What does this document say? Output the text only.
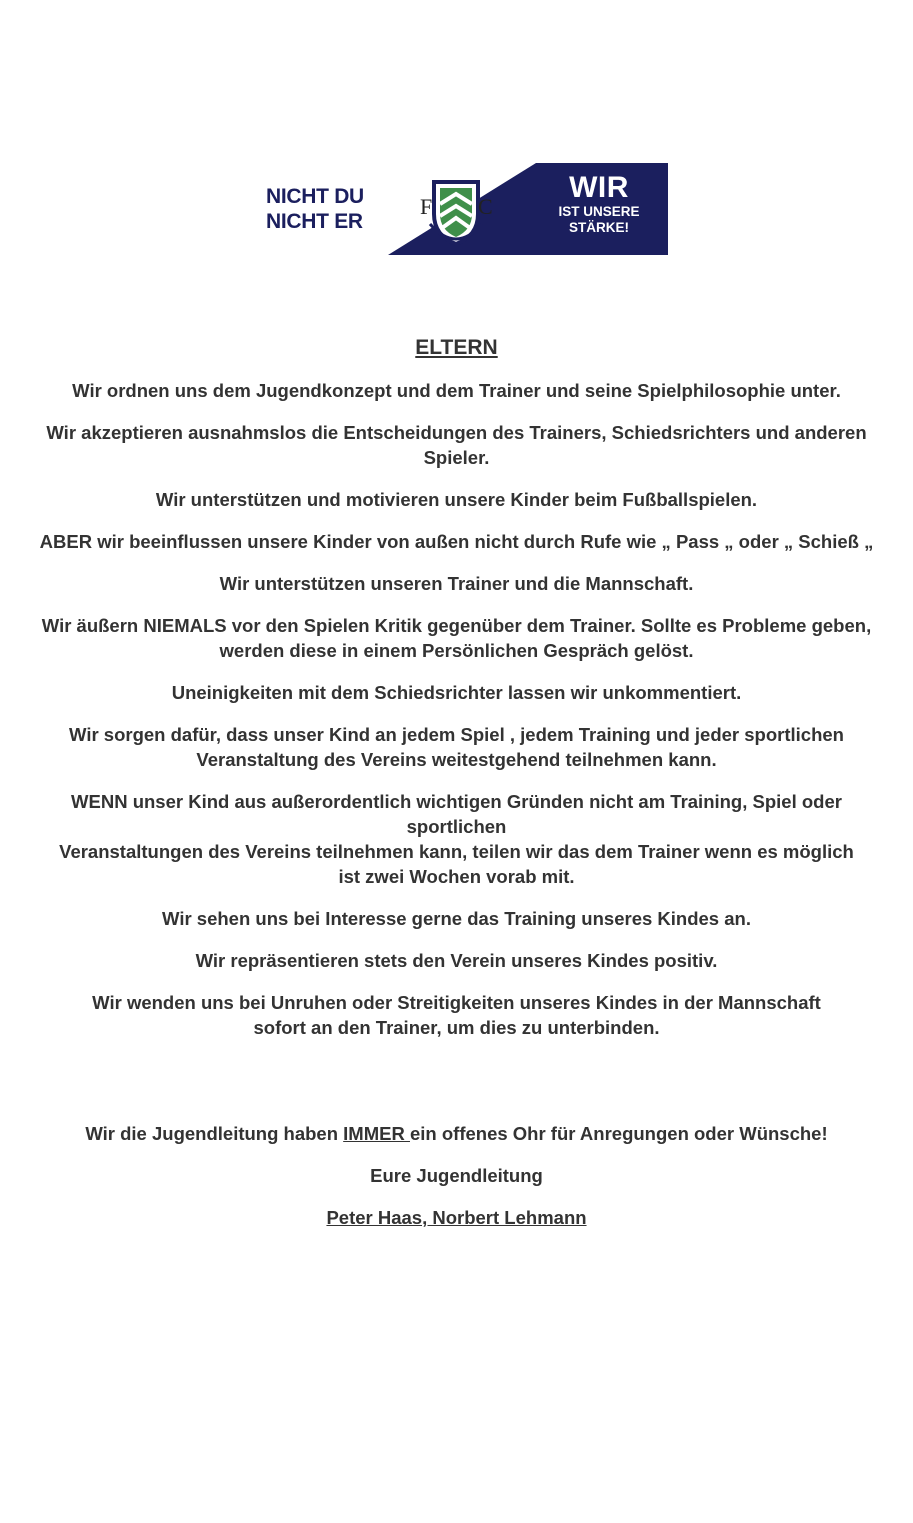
NICHT DU
NICHT ER
F C
WIR
IST UNSERE
STÄRKE!
ELTERN
Wir ordnen uns dem Jugendkonzept und dem Trainer und seine Spielphilosophie unter.
Wir akzeptieren ausnahmslos die Entscheidungen des Trainers, Schiedsrichters und anderen
Spieler.
Wir unterstützen und motivieren unsere Kinder beim Fußballspielen.
ABER wir beeinflussen unsere Kinder von außen nicht durch Rufe wie „ Pass „ oder „ Schieß „
Wir unterstützen unseren Trainer und die Mannschaft.
Wir äußern NIEMALS vor den Spielen Kritik gegenüber dem Trainer. Sollte es Probleme geben,
werden diese in einem Persönlichen Gespräch gelöst.
Uneinigkeiten mit dem Schiedsrichter lassen wir unkommentiert.
Wir sorgen dafür, dass unser Kind an jedem Spiel , jedem Training und jeder sportlichen
Veranstaltung des Vereins weitestgehend teilnehmen kann.
WENN unser Kind aus außerordentlich wichtigen Gründen nicht am Training, Spiel oder
sportlichen
Veranstaltungen des Vereins teilnehmen kann, teilen wir das dem Trainer wenn es möglich
ist zwei Wochen vorab mit.
Wir sehen uns bei Interesse gerne das Training unseres Kindes an.
Wir repräsentieren stets den Verein unseres Kindes positiv.
Wir wenden uns bei Unruhen oder Streitigkeiten unseres Kindes in der Mannschaft
sofort an den Trainer, um dies zu unterbinden.
Wir die Jugendleitung haben IMMER ein offenes Ohr für Anregungen oder Wünsche!
Eure Jugendleitung
Peter Haas, Norbert Lehmann
